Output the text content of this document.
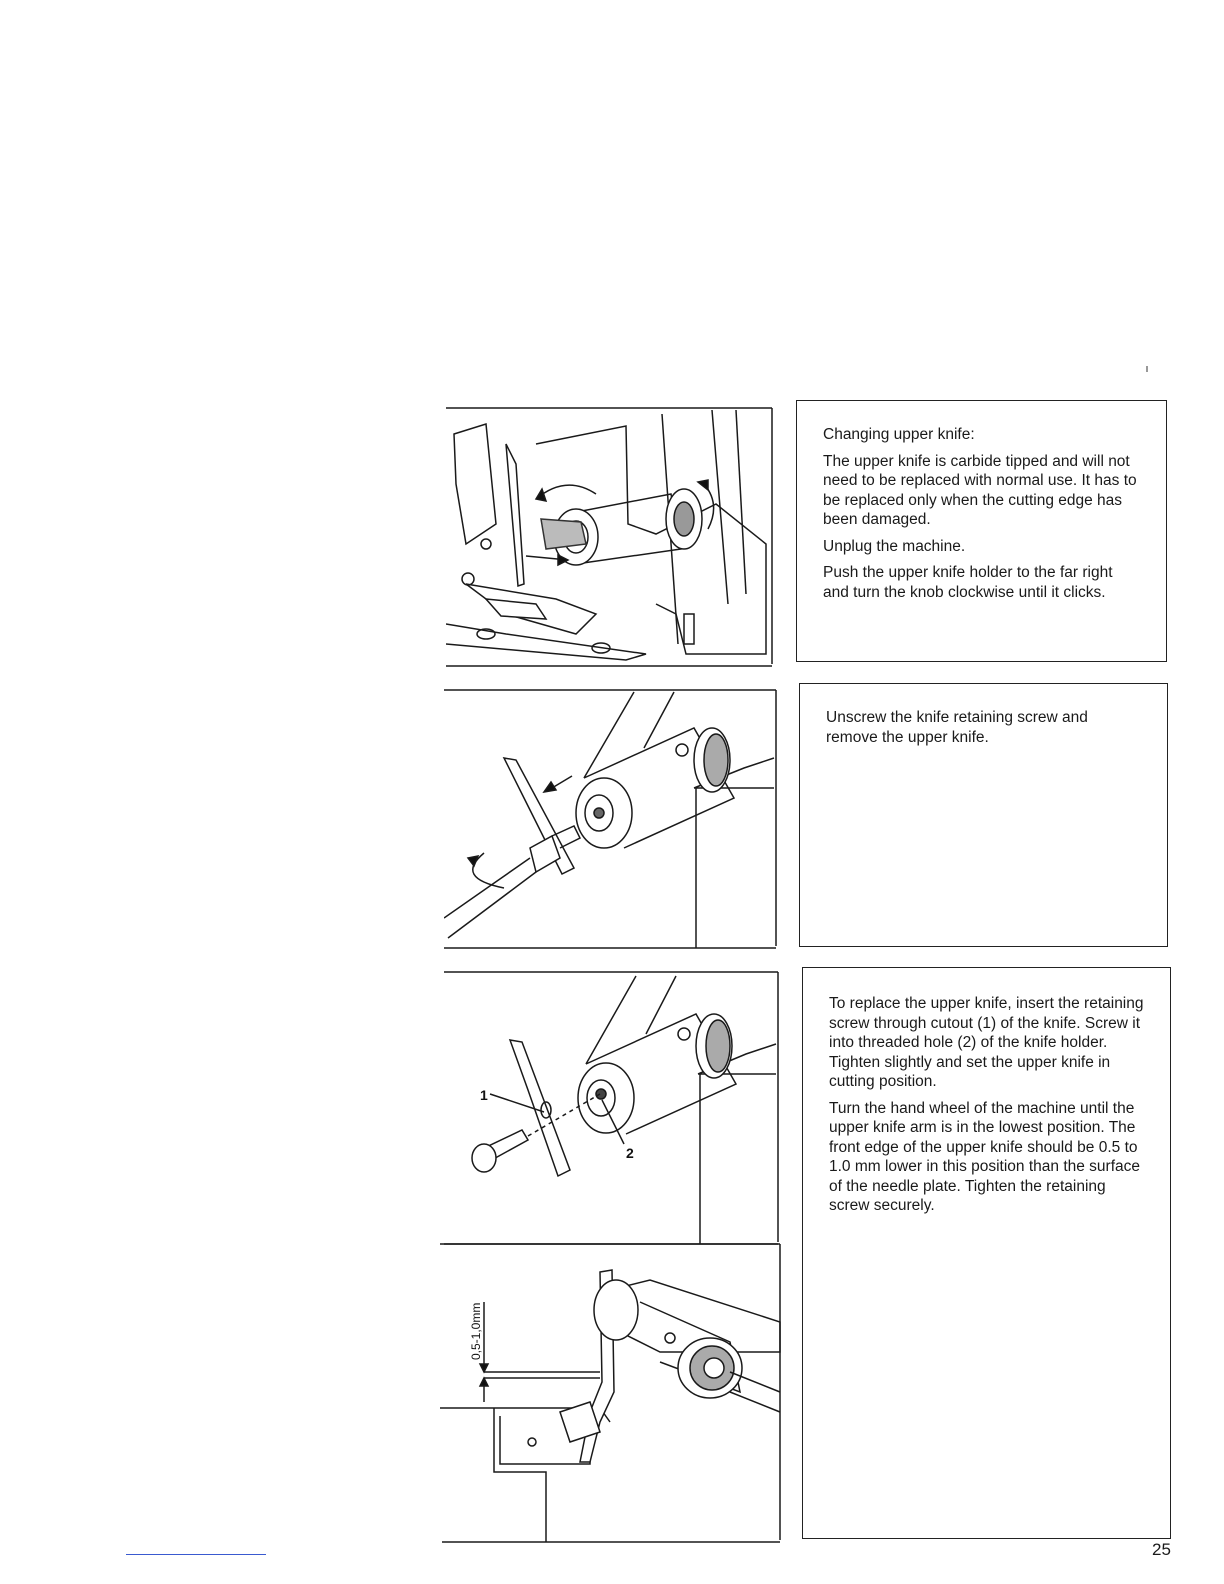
1
2
0,5-1,0mm

Changing upper knife:

The upper knife is carbide tipped and will not need to be replaced with normal use. It has to be replaced only when the cutting edge has been damaged.

Unplug the machine.

Push the upper knife holder to the far right and turn the knob clockwise until it clicks.

Unscrew the knife retaining screw and remove the upper knife.

To replace the upper knife, insert the retaining screw through cutout (1) of the knife. Screw it into threaded hole (2) of the knife holder. Tighten slightly and set the upper knife in cutting position.

Turn the hand wheel of the machine until the upper knife arm is in the lowest position. The front edge of the upper knife should be 0.5 to 1.0 mm lower in this position than the surface of the needle plate. Tighten the retaining screw securely.

25
